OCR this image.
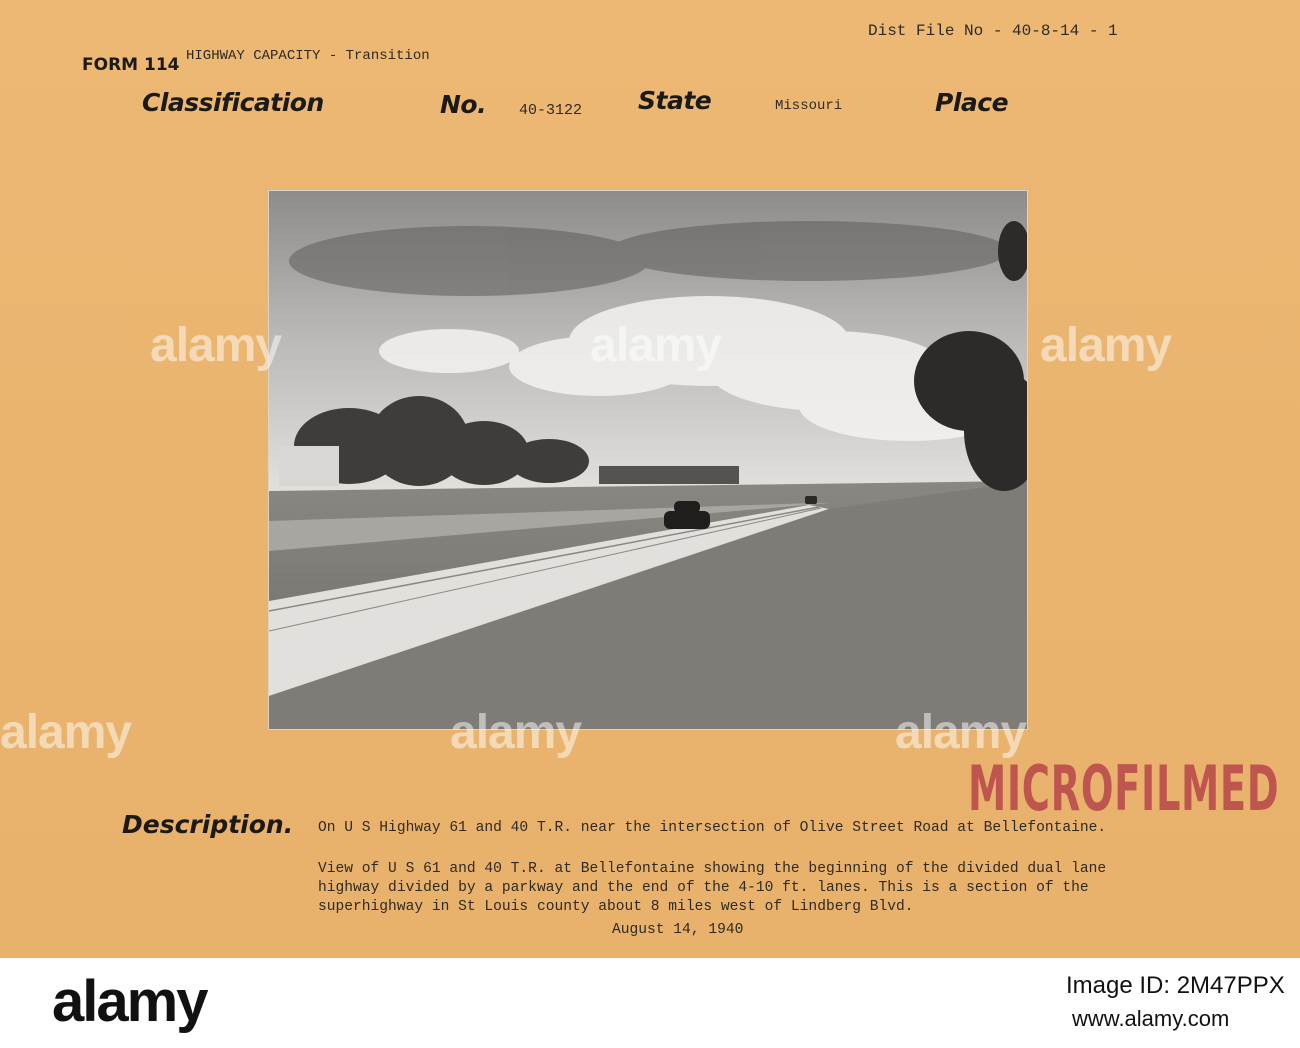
Dist File No - 40-8-14 - 1
FORM 114 HIGHWAY CAPACITY - Transition
Classification	No. 40-3122 State	Missouri	Place
alamy	alamy	alamy
alamy	alamy	alamy
MICROFILMED
Description. On U S Highway 61 and 40 T.R. near the intersection of Olive Street Road at Bellefontaine.
View of U S 61 and 40 T.R. at Bellefontaine showing the beginning of the divided dual lane
highway divided by a parkway and the end of the 4-10 ft. lanes. This is a section of the
superhighway in St Louis county about 8 miles west of Lindberg Blvd.
August 14, 1940
alamy	Image ID: 2M47PPX
www.alamy.com
